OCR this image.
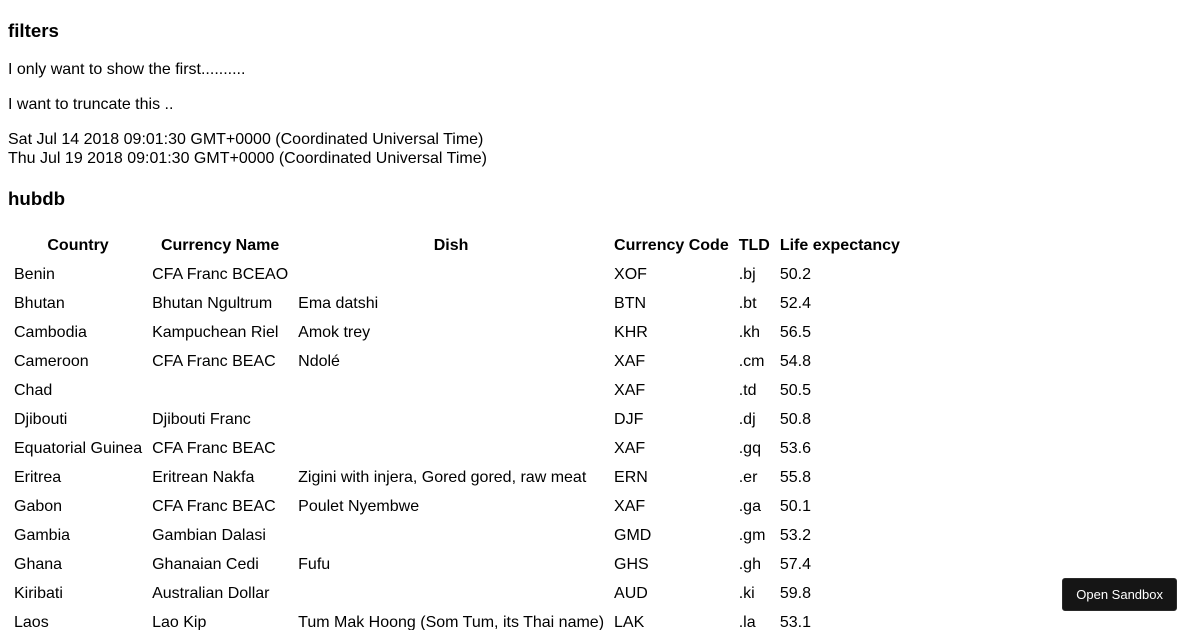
filters

I only want to show the first..........

I want to truncate this ..

Sat Jul 14 2018 09:01:30 GMT+0000 (Coordinated Universal Time)
Thu Jul 19 2018 09:01:30 GMT+0000 (Coordinated Universal Time)
hubdb
Country	Currency Name	Dish	Currency Code	TLD	Life expectancy
Benin	CFA Franc BCEAO		XOF	.bj	50.2
Bhutan	Bhutan Ngultrum	Ema datshi	BTN	.bt	52.4
Cambodia	Kampuchean Riel	Amok trey	KHR	.kh	56.5
Cameroon	CFA Franc BEAC	Ndolé	XAF	.cm	54.8
Chad			XAF	.td	50.5
Djibouti	Djibouti Franc		DJF	.dj	50.8
Equatorial Guinea	CFA Franc BEAC		XAF	.gq	53.6
Eritrea	Eritrean Nakfa	Zigini with injera, Gored gored, raw meat	ERN	.er	55.8
Gabon	CFA Franc BEAC	Poulet Nyembwe	XAF	.ga	50.1
Gambia	Gambian Dalasi		GMD	.gm	53.2
Ghana	Ghanaian Cedi	Fufu	GHS	.gh	57.4
Kiribati	Australian Dollar		AUD	.ki	59.8
Laos	Lao Kip	Tum Mak Hoong (Som Tum, its Thai name)	LAK	.la	53.1
Open Sandbox
